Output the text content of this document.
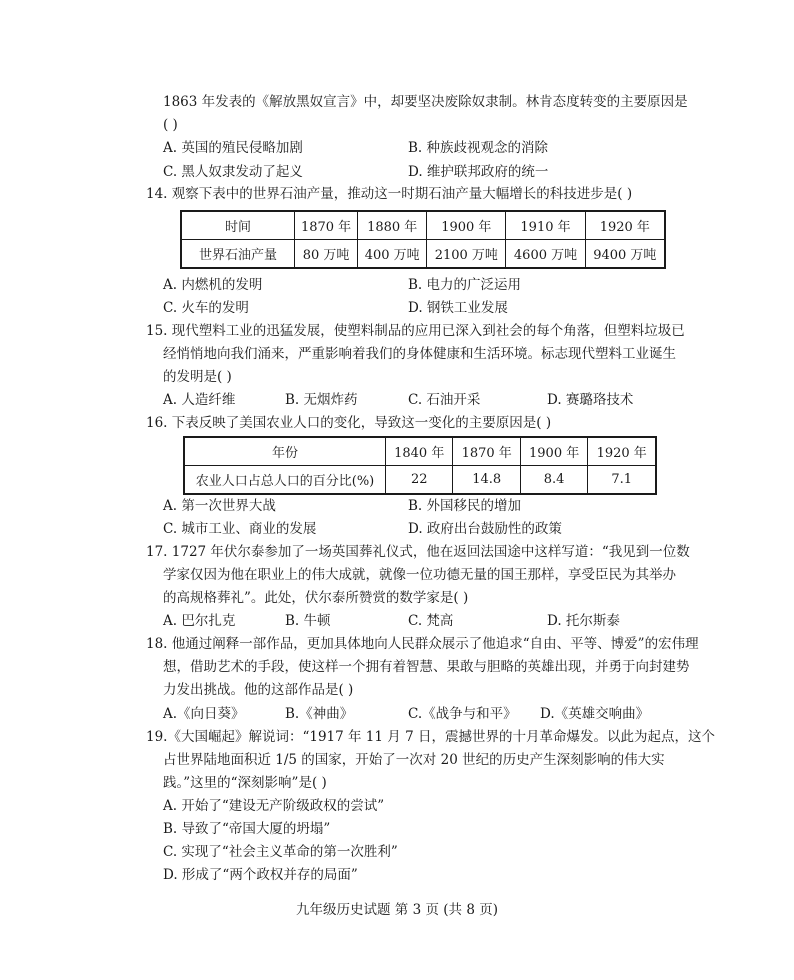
1863 年发表的《解放黑奴宣言》中，却要坚决废除奴隶制。林肯态度转变的主要原因是
( )
A. 英国的殖民侵略加剧	B. 种族歧视观念的消除
C. 黑人奴隶发动了起义	D. 维护联邦政府的统一
14. 观察下表中的世界石油产量，推动这一时期石油产量大幅增长的科技进步是( )
时间	1870 年	1880 年	1900 年	1910 年	1920 年
世界石油产量	80 万吨	400 万吨	2100 万吨	4600 万吨	9400 万吨
A. 内燃机的发明	B. 电力的广泛运用
C. 火车的发明	D. 钢铁工业发展
15. 现代塑料工业的迅猛发展，使塑料制品的应用已深入到社会的每个角落，但塑料垃圾已
经悄悄地向我们涌来，严重影响着我们的身体健康和生活环境。标志现代塑料工业诞生
的发明是( )
A. 人造纤维	B. 无烟炸药	C. 石油开采	D. 赛璐珞技术
16. 下表反映了美国农业人口的变化，导致这一变化的主要原因是( )
年份	1840 年	1870 年	1900 年	1920 年
农业人口占总人口的百分比(%)	22	14.8	8.4	7.1
A. 第一次世界大战	B. 外国移民的增加
C. 城市工业、商业的发展	D. 政府出台鼓励性的政策
17. 1727 年伏尔泰参加了一场英国葬礼仪式，他在返回法国途中这样写道：“我见到一位数
学家仅因为他在职业上的伟大成就，就像一位功德无量的国王那样，享受臣民为其举办
的高规格葬礼”。此处，伏尔泰所赞赏的数学家是( )
A. 巴尔扎克	B. 牛顿	C. 梵高	D. 托尔斯泰
18. 他通过阐释一部作品，更加具体地向人民群众展示了他追求“自由、平等、博爱”的宏伟理
想，借助艺术的手段，使这样一个拥有着智慧、果敢与胆略的英雄出现，并勇于向封建势
力发出挑战。他的这部作品是( )
A.《向日葵》	B.《神曲》	C.《战争与和平》 D.《英雄交响曲》
19.《大国崛起》解说词：“1917 年 11 月 7 日，震撼世界的十月革命爆发。以此为起点，这个
占世界陆地面积近 1/5 的国家，开始了一次对 20 世纪的历史产生深刻影响的伟大实
践。”这里的“深刻影响”是( )
A. 开始了“建设无产阶级政权的尝试”
B. 导致了“帝国大厦的坍塌”
C. 实现了“社会主义革命的第一次胜利”
D. 形成了“两个政权并存的局面”
九年级历史试题 第 3 页 (共 8 页)
